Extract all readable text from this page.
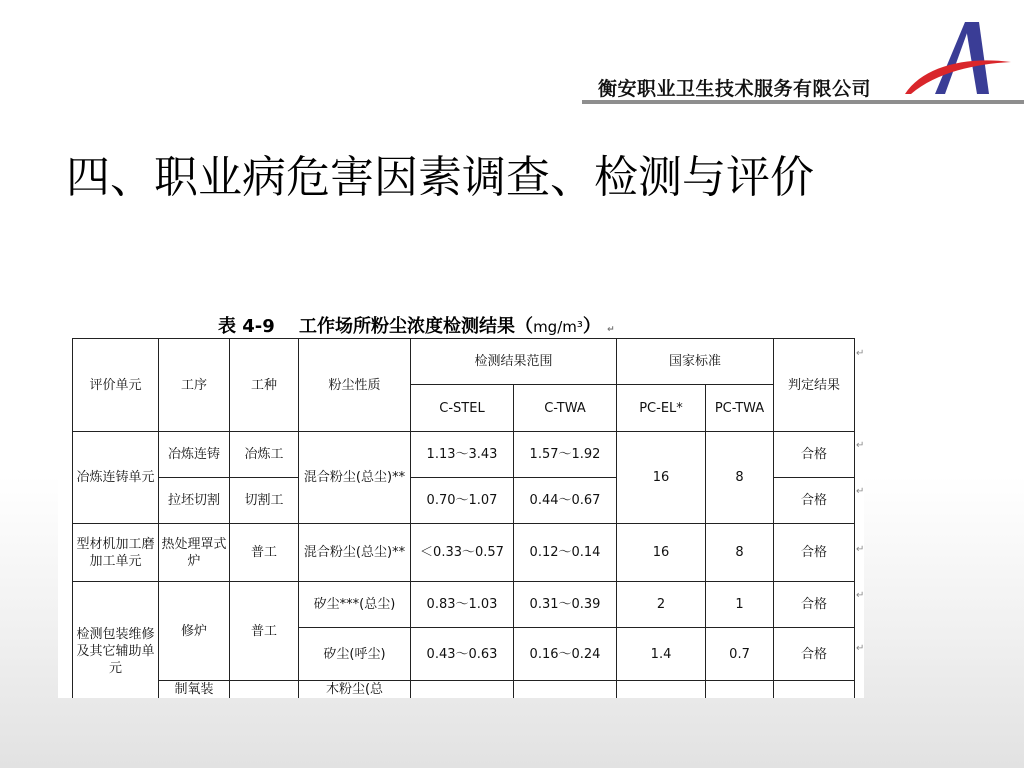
衡安职业卫生技术服务有限公司
四、职业病危害因素调查、检测与评价
表 4-9　 工作场所粉尘浓度检测结果（mg/m³） ↵
评价单元	工序	工种	粉尘性质	检测结果范围		国家标准		判定结果
				C-STEL	C-TWA	PC-EL*	PC-TWA	
冶炼连铸单元	冶炼连铸	冶炼工	混合粉尘(总尘)**	1.13～3.43	1.57～1.92	16	8	合格
	拉坯切割	切割工		0.70～1.07	0.44～0.67			合格
型材机加工磨加工单元	热处理罩式炉	普工	混合粉尘(总尘)**	＜0.33～0.57	0.12～0.14	16	8	合格
检测包装维修及其它辅助单元	修炉	普工	矽尘***(总尘)	0.83～1.03	0.31～0.39	2	1	合格
			矽尘(呼尘)	0.43～0.63	0.16～0.24	1.4	0.7	合格
	制氧装		木粉尘(总					
↵
↵
↵
↵
↵
↵
